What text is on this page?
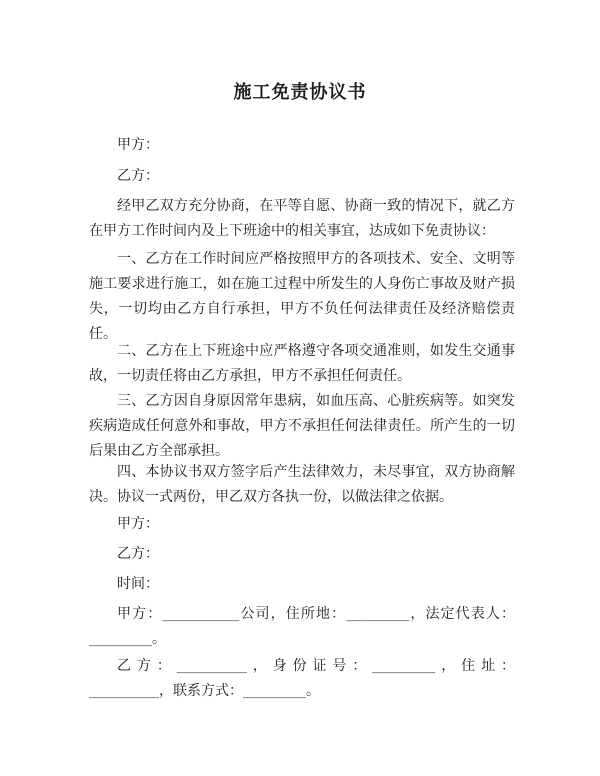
施工免责协议书
甲方：
乙方：
经甲乙双方充分协商，在平等自愿、协商一致的情况下，就乙方在甲方工作时间内及上下班途中的相关事宜，达成如下免责协议：
一、乙方在工作时间应严格按照甲方的各项技术、安全、文明等施工要求进行施工，如在施工过程中所发生的人身伤亡事故及财产损失，一切均由乙方自行承担，甲方不负任何法律责任及经济赔偿责任。
二、乙方在上下班途中应严格遵守各项交通准则，如发生交通事故，一切责任将由乙方承担，甲方不承担任何责任。
三、乙方因自身原因常年患病，如血压高、心脏疾病等。如突发疾病造成任何意外和事故，甲方不承担任何法律责任。所产生的一切后果由乙方全部承担。
四、本协议书双方签字后产生法律效力，未尽事宜，双方协商解决。协议一式两份，甲乙双方各执一份，以做法律之依据。
甲方：
乙方：
时间：
甲方：___________公司，住所地：_________，法定代表人：_________。
乙方：__________，身份证号：_________，住址：__________，联系方式：_________。
